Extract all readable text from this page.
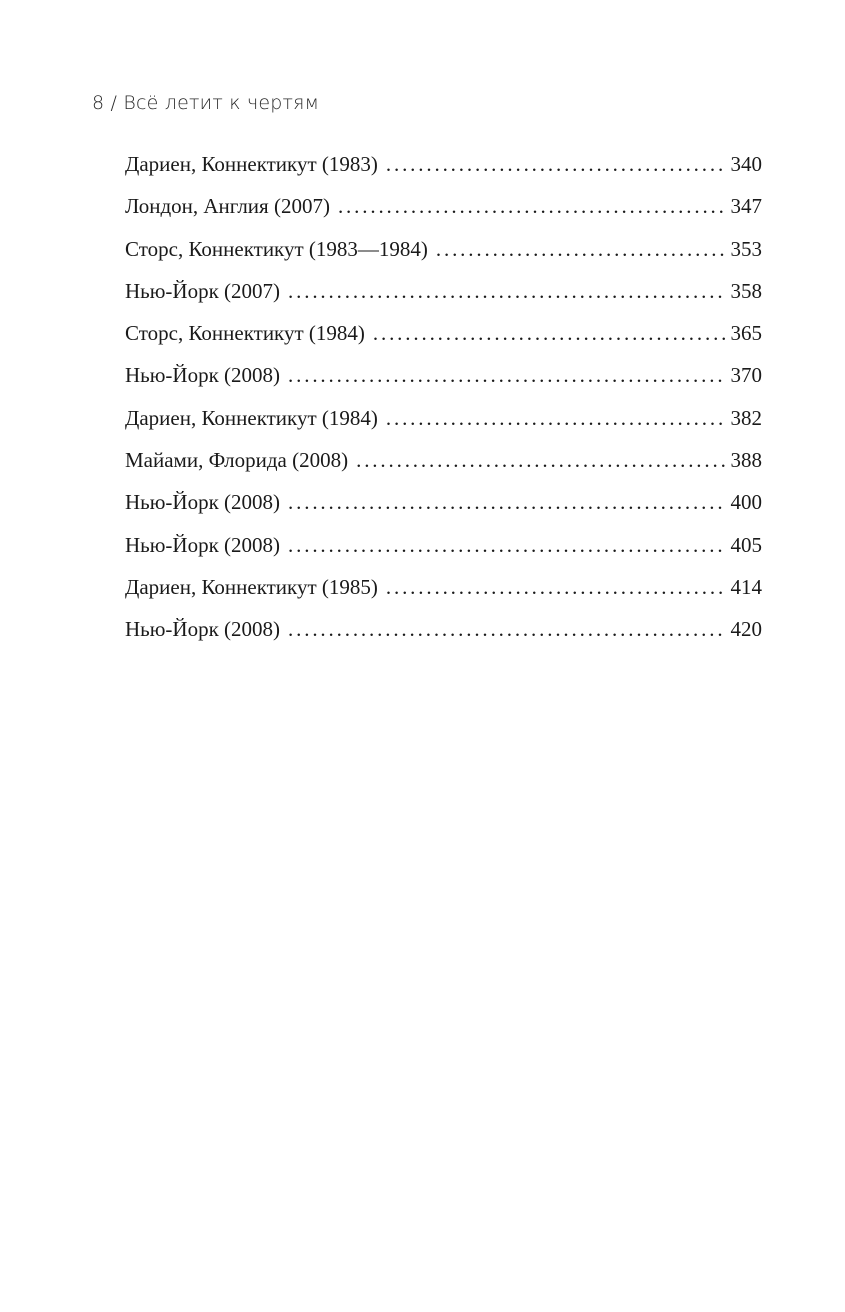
8 / Всё летит к чертям
Дариен, Коннектикут (1983) . . .	340
Лондон, Англия (2007) . . .	347
Сторс, Коннектикут (1983—1984) . . .	353
Нью-Йорк (2007) . . .	358
Сторс, Коннектикут (1984) . . .	365
Нью-Йорк (2008) . . .	370
Дариен, Коннектикут (1984) . . .	382
Майами, Флорида (2008) . . .	388
Нью-Йорк (2008) . . .	400
Нью-Йорк (2008) . . .	405
Дариен, Коннектикут (1985) . . .	414
Нью-Йорк (2008) . . .	420
